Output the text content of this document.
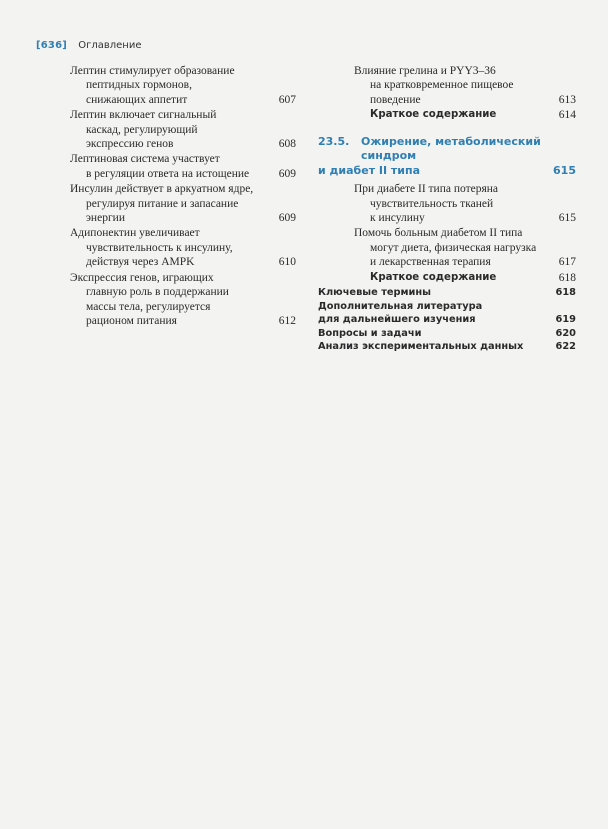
[636] Оглавление
Лептин стимулирует образование
пептидных гормонов,
снижающих аппетит	607
Лептин включает сигнальный
каскад, регулирующий
экспрессию генов	608
Лептиновая система участвует
в регуляции ответа на истощение	609
Инсулин действует в аркуатном ядре,
регулируя питание и запасание
энергии	609
Адипонектин увеличивает
чувствительность к инсулину,
действуя через AMPK	610
Экспрессия генов, играющих
главную роль в поддержании
массы тела, регулируется
рационом питания	612
Влияние грелина и PYY3–36
на кратковременное пищевое
поведение	613
Краткое содержание	614
23.5. Ожирение, метаболический синдром
и диабет II типа	615
При диабете II типа потеряна
чувствительность тканей
к инсулину	615
Помочь больным диабетом II типа
могут диета, физическая нагрузка
и лекарственная терапия	617
Краткое содержание	618
Ключевые термины	618
Дополнительная литература
для дальнейшего изучения	619
Вопросы и задачи	620
Анализ экспериментальных данных	622
